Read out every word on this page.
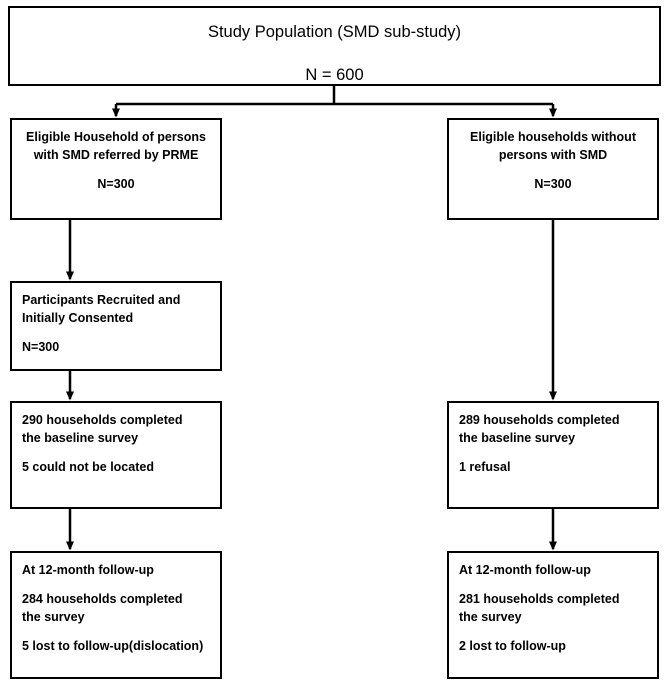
Study Population (SMD sub-study)
N = 600
Eligible Household of persons
with SMD referred by PRME
N=300
Eligible households without
persons with SMD
N=300
Participants Recruited and
Initially Consented
N=300
290 households completed
the baseline survey
5 could not be located
289 households completed
the baseline survey
1 refusal
At 12-month follow-up
284 households completed
the survey
5 lost to follow-up(dislocation)
At 12-month follow-up
281 households completed
the survey
2 lost to follow-up
